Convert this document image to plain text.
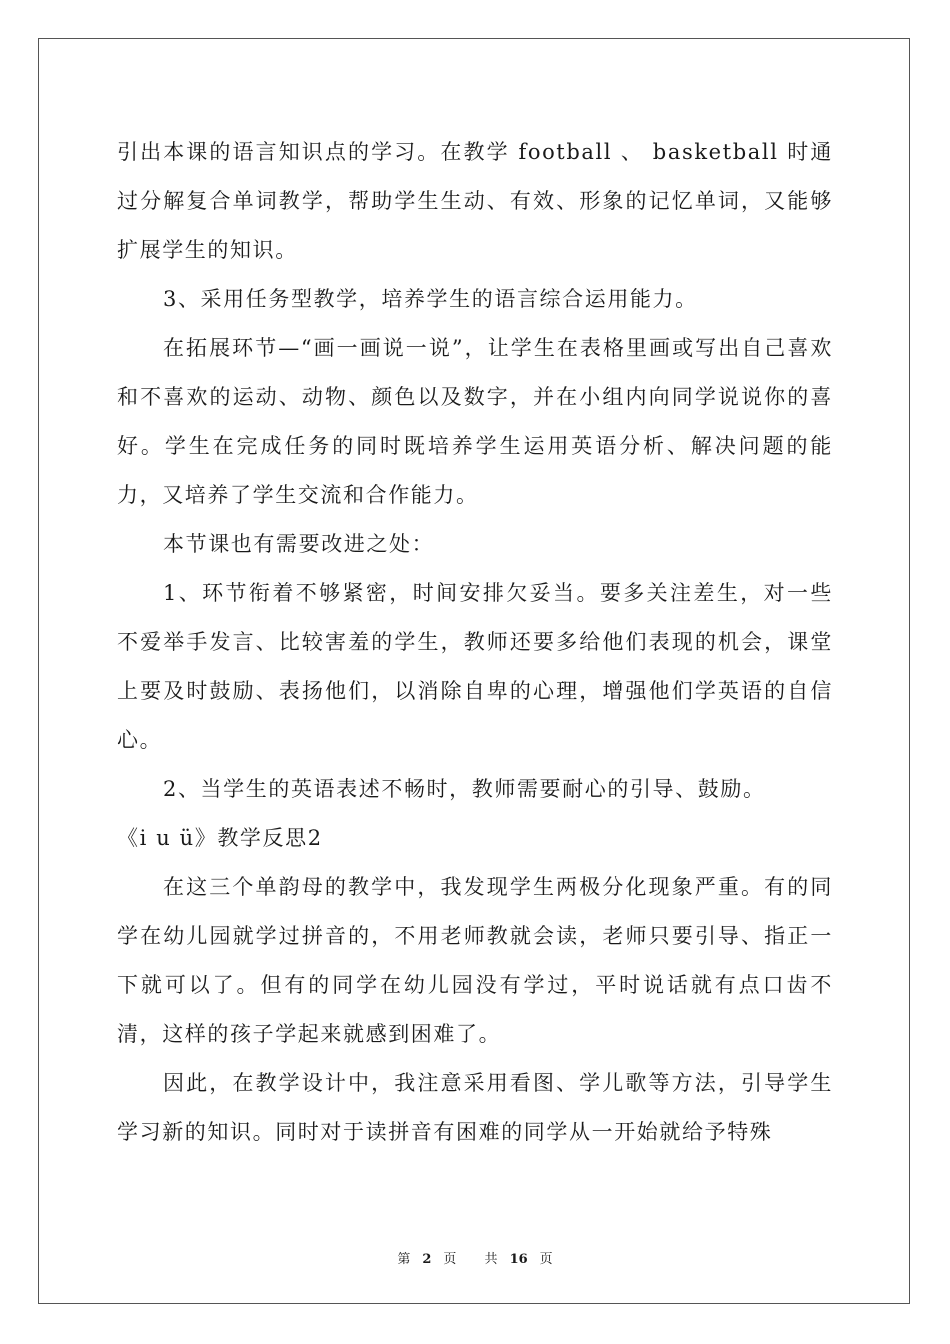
引出本课的语言知识点的学习。在教学 football 、 basketball 时通过分解复合单词教学，帮助学生生动、有效、形象的记忆单词，又能够扩展学生的知识。

3、采用任务型教学，培养学生的语言综合运用能力。

在拓展环节—“画一画说一说”，让学生在表格里画或写出自己喜欢和不喜欢的运动、动物、颜色以及数字，并在小组内向同学说说你的喜好。学生在完成任务的同时既培养学生运用英语分析、解决问题的能力，又培养了学生交流和合作能力。

本节课也有需要改进之处：

1、环节衔着不够紧密，时间安排欠妥当。要多关注差生，对一些不爱举手发言、比较害羞的学生，教师还要多给他们表现的机会，课堂上要及时鼓励、表扬他们，以消除自卑的心理，增强他们学英语的自信心。

2、当学生的英语表述不畅时，教师需要耐心的引导、鼓励。

《i u ü》教学反思2

在这三个单韵母的教学中，我发现学生两极分化现象严重。有的同学在幼儿园就学过拼音的，不用老师教就会读，老师只要引导、指正一下就可以了。但有的同学在幼儿园没有学过，平时说话就有点口齿不清，这样的孩子学起来就感到困难了。

因此，在教学设计中，我注意采用看图、学儿歌等方法，引导学生学习新的知识。同时对于读拼音有困难的同学从一开始就给予特殊

第 2 页 共 16 页
